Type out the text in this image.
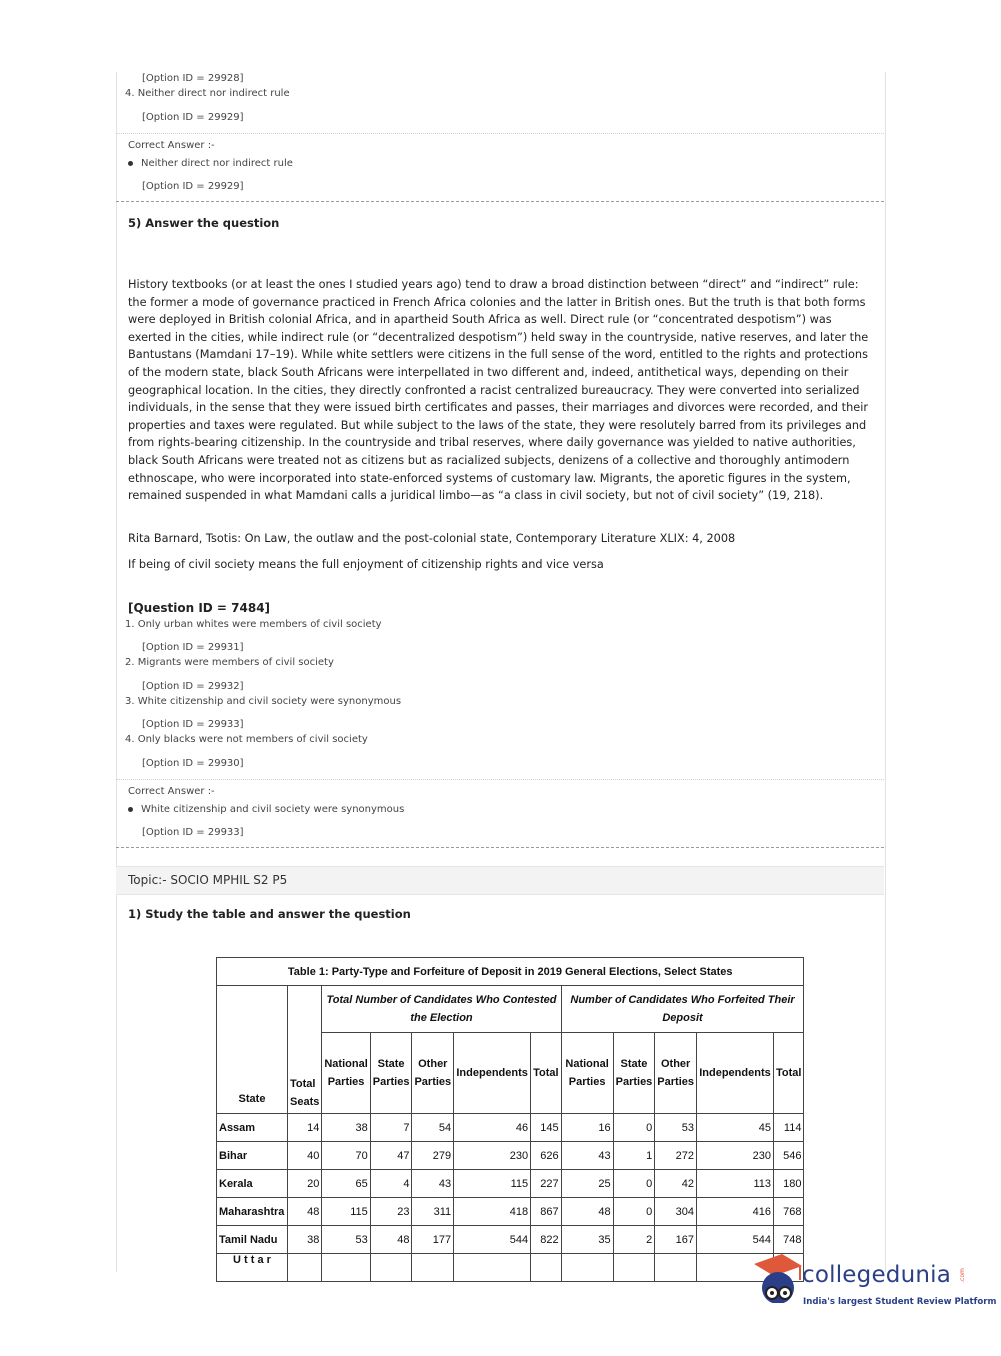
[Option ID = 29928]
4. Neither direct nor indirect rule
[Option ID = 29929]
Correct Answer :-
Neither direct nor indirect rule
[Option ID = 29929]
5) Answer the question
History textbooks (or at least the ones I studied years ago) tend to draw a broad distinction between “direct” and “indirect” rule: the former a mode of governance practiced in French Africa colonies and the latter in British ones. But the truth is that both forms were deployed in British colonial Africa, and in apartheid South Africa as well. Direct rule (or “concentrated despotism”) was exerted in the cities, while indirect rule (or “decentralized despotism”) held sway in the countryside, native reserves, and later the Bantustans (Mamdani 17–19). While white settlers were citizens in the full sense of the word, entitled to the rights and protections of the modern state, black South Africans were interpellated in two different and, indeed, antithetical ways, depending on their geographical location. In the cities, they directly confronted a racist centralized bureaucracy. They were converted into serialized individuals, in the sense that they were issued birth certificates and passes, their marriages and divorces were recorded, and their properties and taxes were regulated. But while subject to the laws of the state, they were resolutely barred from its privileges and from rights-bearing citizenship. In the countryside and tribal reserves, where daily governance was yielded to native authorities, black South Africans were treated not as citizens but as racialized subjects, denizens of a collective and thoroughly antimodern ethnoscape, who were incorporated into state-enforced systems of customary law. Migrants, the aporetic figures in the system, remained suspended in what Mamdani calls a juridical limbo—as “a class in civil society, but not of civil society” (19, 218).
Rita Barnard, Tsotis: On Law, the outlaw and the post-colonial state, Contemporary Literature XLIX: 4, 2008
If being of civil society means the full enjoyment of citizenship rights and vice versa
[Question ID = 7484]
1. Only urban whites were members of civil society
[Option ID = 29931]
2. Migrants were members of civil society
[Option ID = 29932]
3. White citizenship and civil society were synonymous
[Option ID = 29933]
4. Only blacks were not members of civil society
[Option ID = 29930]
Correct Answer :-
White citizenship and civil society were synonymous
[Option ID = 29933]
Topic:- SOCIO MPHIL S2 P5
1) Study the table and answer the question
Table 1: Party-Type and Forfeiture of Deposit in 2019 General Elections, Select States											
State	Total Seats	Total Number of Candidates Who Contested the Election					Number of Candidates Who Forfeited Their Deposit				
		National Parties	State Parties	Other Parties	Independents	Total	National Parties	State Parties	Other Parties	Independents	Total
Assam	14	38	7	54	46	145	16	0	53	45	114
Bihar	40	70	47	279	230	626	43	1	272	230	546
Kerala	20	65	4	43	115	227	25	0	42	113	180
Maharashtra	48	115	23	311	418	867	48	0	304	416	768
Tamil Nadu	38	53	48	177	544	822	35	2	167	544	748
U t t a r											
collegedunia .com
India's largest Student Review Platform
